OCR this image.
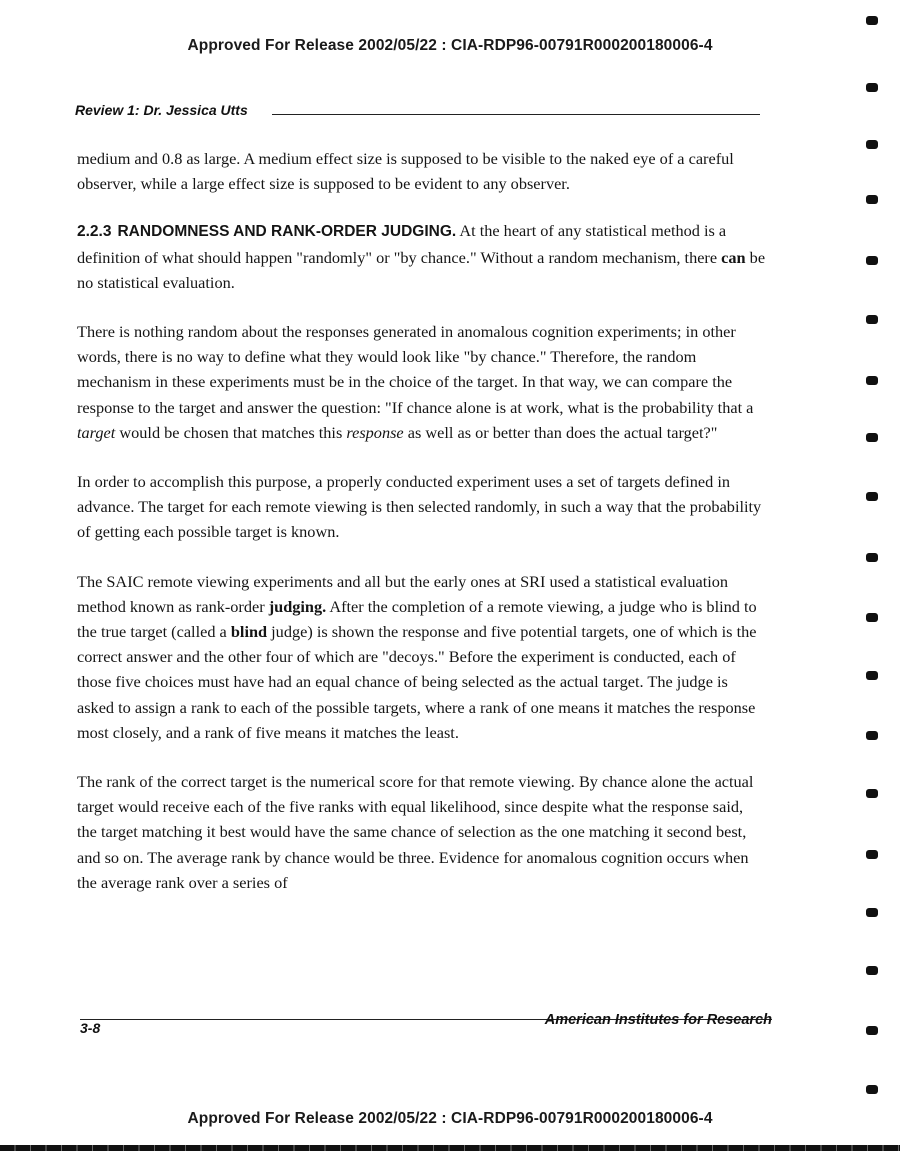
Approved For Release 2002/05/22 : CIA-RDP96-00791R000200180006-4
Review 1: Dr. Jessica Utts

medium and 0.8 as large. A medium effect size is supposed to be visible to the naked eye of a careful observer, while a large effect size is supposed to be evident to any observer.

2.2.3 RANDOMNESS AND RANK-ORDER JUDGING. At the heart of any statistical method is a definition of what should happen "randomly" or "by chance." Without a random mechanism, there can be no statistical evaluation.

There is nothing random about the responses generated in anomalous cognition experiments; in other words, there is no way to define what they would look like "by chance." Therefore, the random mechanism in these experiments must be in the choice of the target. In that way, we can compare the response to the target and answer the question: "If chance alone is at work, what is the probability that a target would be chosen that matches this response as well as or better than does the actual target?"

In order to accomplish this purpose, a properly conducted experiment uses a set of targets defined in advance. The target for each remote viewing is then selected randomly, in such a way that the probability of getting each possible target is known.

The SAIC remote viewing experiments and all but the early ones at SRI used a statistical evaluation method known as rank-order judging. After the completion of a remote viewing, a judge who is blind to the true target (called a blind judge) is shown the response and five potential targets, one of which is the correct answer and the other four of which are "decoys." Before the experiment is conducted, each of those five choices must have had an equal chance of being selected as the actual target. The judge is asked to assign a rank to each of the possible targets, where a rank of one means it matches the response most closely, and a rank of five means it matches the least.

The rank of the correct target is the numerical score for that remote viewing. By chance alone the actual target would receive each of the five ranks with equal likelihood, since despite what the response said, the target matching it best would have the same chance of selection as the one matching it second best, and so on. The average rank by chance would be three. Evidence for anomalous cognition occurs when the average rank over a series of

3-8	American Institutes for Research
Approved For Release 2002/05/22 : CIA-RDP96-00791R000200180006-4
